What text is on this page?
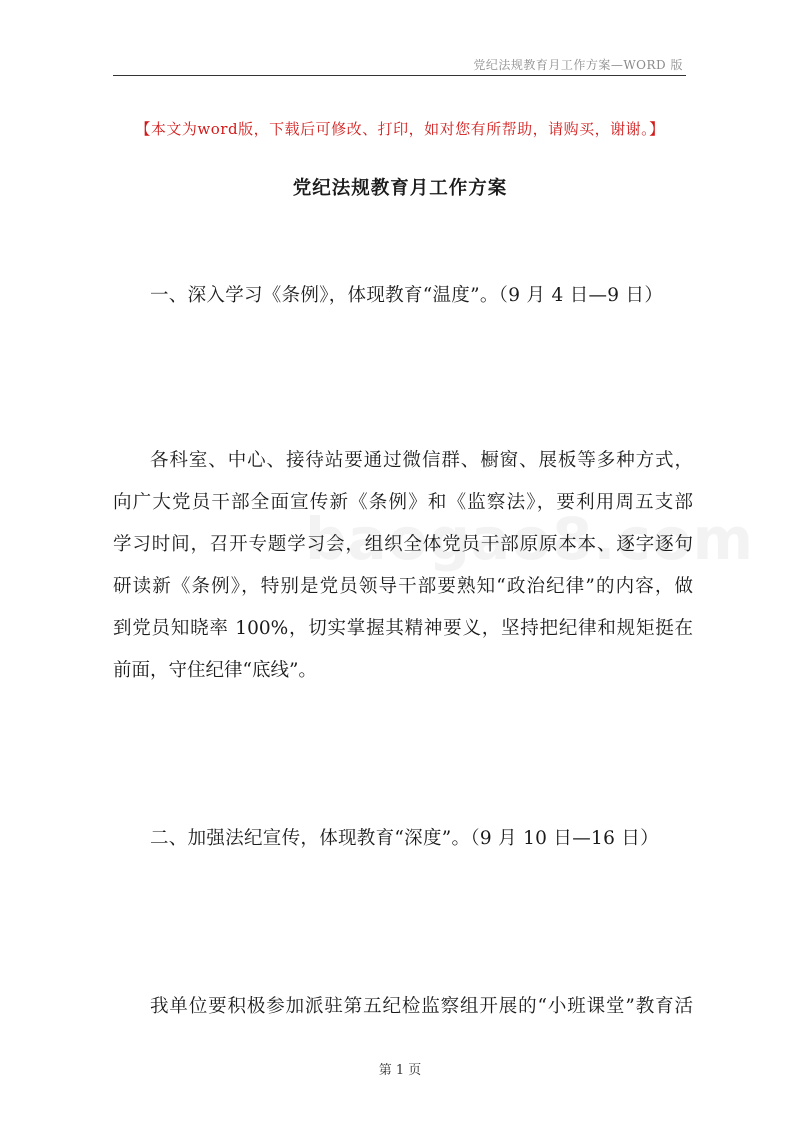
党纪法规教育月工作方案—WORD 版
【本文为word版，下载后可修改、打印，如对您有所帮助，请购买，谢谢。】
党纪法规教育月工作方案
一、深入学习《条例》，体现教育“温度”。（9 月 4 日—9 日）
各科室、中心、接待站要通过微信群、橱窗、展板等多种方式，
向广大党员干部全面宣传新《条例》和《监察法》，要利用周五支部
学习时间，召开专题学习会，组织全体党员干部原原本本、逐字逐句
研读新《条例》，特别是党员领导干部要熟知“政治纪律”的内容，做
到党员知晓率 100%，切实掌握其精神要义，坚持把纪律和规矩挺在
前面，守住纪律“底线”。
二、加强法纪宣传，体现教育“深度”。（9 月 10 日—16 日）
我单位要积极参加派驻第五纪检监察组开展的“小班课堂”教育活
第 1 页
